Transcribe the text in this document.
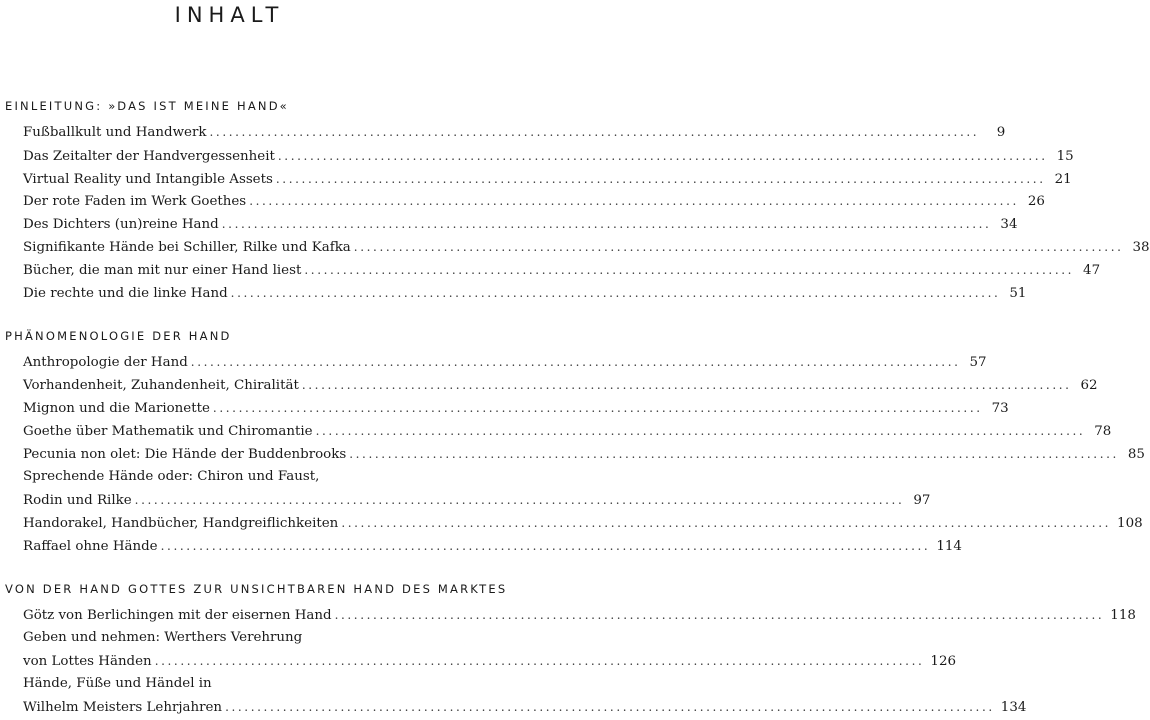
INHALT
EINLEITUNG: »DAS IST MEINE HAND«
Fußballkult und Handwerk ........................................................................................................................	9
Das Zeitalter der Handvergessenheit ........................................................................................................................ 15
Virtual Reality und Intangible Assets ........................................................................................................................ 21
Der rote Faden im Werk Goethes ........................................................................................................................ 26
Des Dichters (un)reine Hand ........................................................................................................................ 34
Signifikante Hände bei Schiller, Rilke und Kafka ........................................................................................................................ 38
Bücher, die man mit nur einer Hand liest ........................................................................................................................ 47
Die rechte und die linke Hand ........................................................................................................................ 51
PHÄNOMENOLOGIE DER HAND
Anthropologie der Hand ........................................................................................................................ 57
Vorhandenheit, Zuhandenheit, Chiralität ........................................................................................................................ 62
Mignon und die Marionette ........................................................................................................................ 73
Goethe über Mathematik und Chiromantie ........................................................................................................................ 78
Pecunia non olet: Die Hände der Buddenbrooks ........................................................................................................................ 85
Sprechende Hände oder: Chiron und Faust,
Rodin und Rilke ........................................................................................................................ 97
Handorakel, Handbücher, Handgreiflichkeiten ........................................................................................................................ 108
Raffael ohne Hände ........................................................................................................................ 114
VON DER HAND GOTTES ZUR UNSICHTBAREN HAND DES MARKTES
Götz von Berlichingen mit der eisernen Hand ........................................................................................................................ 118
Geben und nehmen: Werthers Verehrung
von Lottes Händen ........................................................................................................................ 126
Hände, Füße und Händel in
Wilhelm Meisters Lehrjahren ........................................................................................................................ 134
